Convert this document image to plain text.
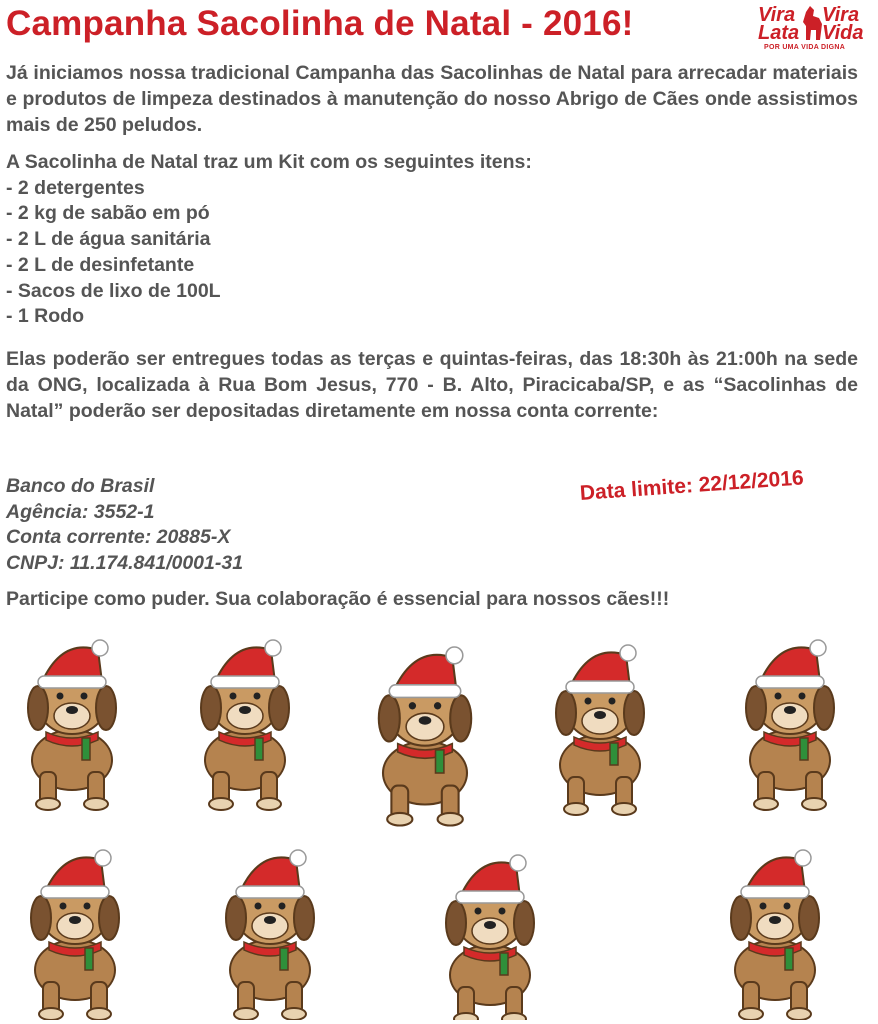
Campanha Sacolinha de Natal - 2016!	Vira
Lata
Vira
Vida
POR UMA VIDA DIGNA

Já iniciamos nossa tradicional Campanha das Sacolinhas de Natal para arrecadar materiais e produtos de limpeza destinados à manutenção do nosso Abrigo de Cães onde assistimos mais de 250 peludos.

A Sacolinha de Natal traz um Kit com os seguintes itens:
- 2 detergentes
- 2 kg de sabão em pó
- 2 L de água sanitária
- 2 L de desinfetante
- Sacos de lixo de 100L
- 1 Rodo

Elas poderão ser entregues todas as terças e quintas-feiras, das 18:30h às 21:00h na sede da ONG, localizada à Rua Bom Jesus, 770 - B. Alto, Piracicaba/SP, e as “Sacolinhas de Natal” poderão ser depositadas diretamente em nossa conta corrente:

Banco do Brasil
Agência: 3552-1
Conta corrente: 20885-X
CNPJ: 11.174.841/0001-31
Data limite: 22/12/2016
Participe como puder. Sua colaboração é essencial para nossos cães!!!
